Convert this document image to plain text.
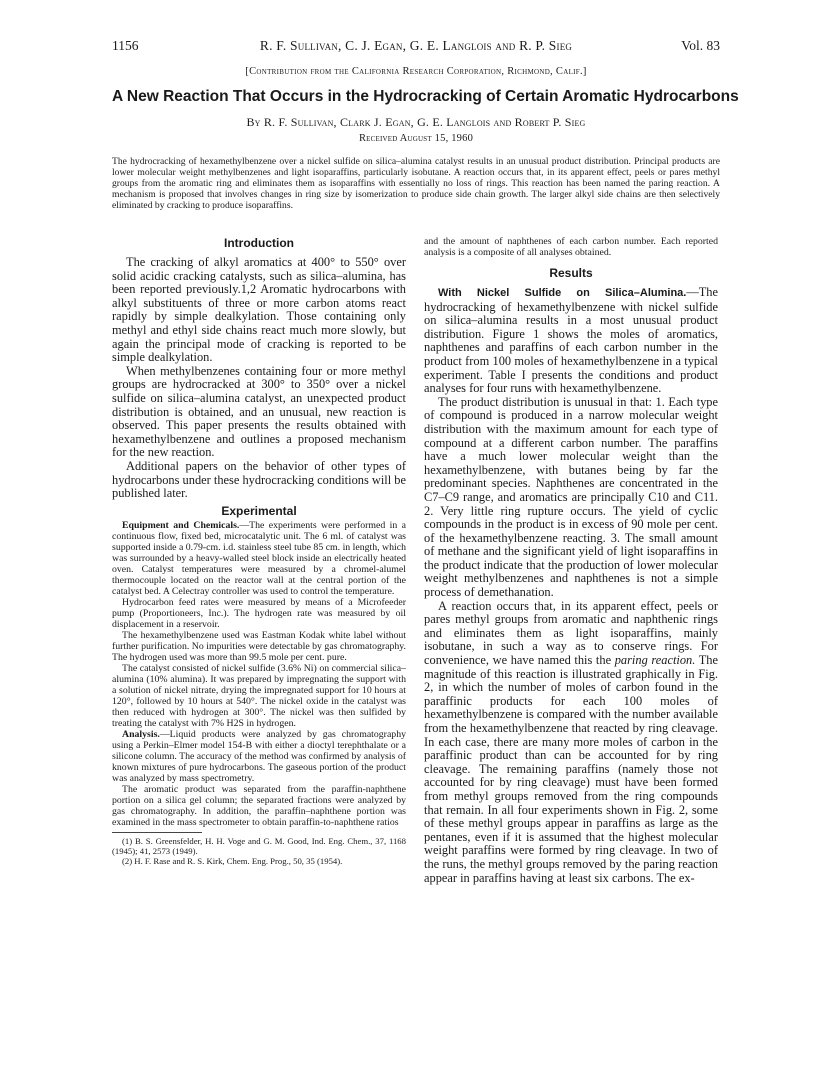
1156	R. F. Sullivan, C. J. Egan, G. E. Langlois and R. P. Sieg	Vol. 83
[Contribution from the California Research Corporation, Richmond, Calif.]
A New Reaction That Occurs in the Hydrocracking of Certain Aromatic Hydrocarbons
By R. F. Sullivan, Clark J. Egan, G. E. Langlois and Robert P. Sieg
Received August 15, 1960
The hydrocracking of hexamethylbenzene over a nickel sulfide on silica–alumina catalyst results in an unusual product distribution. Principal products are lower molecular weight methylbenzenes and light isoparaffins, particularly isobutane. A reaction occurs that, in its apparent effect, peels or pares methyl groups from the aromatic ring and eliminates them as isoparaffins with essentially no loss of rings. This reaction has been named the paring reaction. A mechanism is proposed that involves changes in ring size by isomerization to produce side chain growth. The larger alkyl side chains are then selectively eliminated by cracking to produce isoparaffins.
Introduction

The cracking of alkyl aromatics at 400° to 550° over solid acidic cracking catalysts, such as silica–alumina, has been reported previously.1,2 Aromatic hydrocarbons with alkyl substituents of three or more carbon atoms react rapidly by simple dealkylation. Those containing only methyl and ethyl side chains react much more slowly, but again the principal mode of cracking is reported to be simple dealkylation.

When methylbenzenes containing four or more methyl groups are hydrocracked at 300° to 350° over a nickel sulfide on silica–alumina catalyst, an unexpected product distribution is obtained, and an unusual, new reaction is observed. This paper presents the results obtained with hexamethylbenzene and outlines a proposed mechanism for the new reaction.

Additional papers on the behavior of other types of hydrocarbons under these hydrocracking conditions will be published later.

Experimental

Equipment and Chemicals.—The experiments were performed in a continuous flow, fixed bed, microcatalytic unit. The 6 ml. of catalyst was supported inside a 0.79-cm. i.d. stainless steel tube 85 cm. in length, which was surrounded by a heavy-walled steel block inside an electrically heated oven. Catalyst temperatures were measured by a chromel-alumel thermocouple located on the reactor wall at the central portion of the catalyst bed. A Celectray controller was used to control the temperature.

Hydrocarbon feed rates were measured by means of a Microfeeder pump (Proportioneers, Inc.). The hydrogen rate was measured by oil displacement in a reservoir.

The hexamethylbenzene used was Eastman Kodak white label without further purification. No impurities were detectable by gas chromatography. The hydrogen used was more than 99.5 mole per cent. pure.

The catalyst consisted of nickel sulfide (3.6% Ni) on commercial silica–alumina (10% alumina). It was prepared by impregnating the support with a solution of nickel nitrate, drying the impregnated support for 10 hours at 120°, followed by 10 hours at 540°. The nickel oxide in the catalyst was then reduced with hydrogen at 300°. The nickel was then sulfided by treating the catalyst with 7% H2S in hydrogen.

Analysis.—Liquid products were analyzed by gas chromatography using a Perkin–Elmer model 154-B with either a dioctyl terephthalate or a silicone column. The accuracy of the method was confirmed by analysis of known mixtures of pure hydrocarbons. The gaseous portion of the product was analyzed by mass spectrometry.

The aromatic product was separated from the paraffin-naphthene portion on a silica gel column; the separated fractions were analyzed by gas chromatography. In addition, the paraffin–naphthene portion was examined in the mass spectrometer to obtain paraffin-to-naphthene ratios

(1) B. S. Greensfelder, H. H. Voge and G. M. Good, Ind. Eng. Chem., 37, 1168 (1945); 41, 2573 (1949).

(2) H. F. Rase and R. S. Kirk, Chem. Eng. Prog., 50, 35 (1954).

and the amount of naphthenes of each carbon number. Each reported analysis is a composite of all analyses obtained.

Results

With Nickel Sulfide on Silica–Alumina.—The hydrocracking of hexamethylbenzene with nickel sulfide on silica–alumina results in a most unusual product distribution. Figure 1 shows the moles of aromatics, naphthenes and paraffins of each carbon number in the product from 100 moles of hexamethylbenzene in a typical experiment. Table I presents the conditions and product analyses for four runs with hexamethylbenzene.

The product distribution is unusual in that: 1. Each type of compound is produced in a narrow molecular weight distribution with the maximum amount for each type of compound at a different carbon number. The paraffins have a much lower molecular weight than the hexamethylbenzene, with butanes being by far the predominant species. Naphthenes are concentrated in the C7–C9 range, and aromatics are principally C10 and C11. 2. Very little ring rupture occurs. The yield of cyclic compounds in the product is in excess of 90 mole per cent. of the hexamethylbenzene reacting. 3. The small amount of methane and the significant yield of light isoparaffins in the product indicate that the production of lower molecular weight methylbenzenes and naphthenes is not a simple process of demethanation.

A reaction occurs that, in its apparent effect, peels or pares methyl groups from aromatic and naphthenic rings and eliminates them as light isoparaffins, mainly isobutane, in such a way as to conserve rings. For convenience, we have named this the paring reaction. The magnitude of this reaction is illustrated graphically in Fig. 2, in which the number of moles of carbon found in the paraffinic products for each 100 moles of hexamethylbenzene is compared with the number available from the hexamethylbenzene that reacted by ring cleavage. In each case, there are many more moles of carbon in the paraffinic product than can be accounted for by ring cleavage. The remaining paraffins (namely those not accounted for by ring cleavage) must have been formed from methyl groups removed from the ring compounds that remain. In all four experiments shown in Fig. 2, some of these methyl groups appear in paraffins as large as the pentanes, even if it is assumed that the highest molecular weight paraffins were formed by ring cleavage. In two of the runs, the methyl groups removed by the paring reaction appear in paraffins having at least six carbons. The ex-
